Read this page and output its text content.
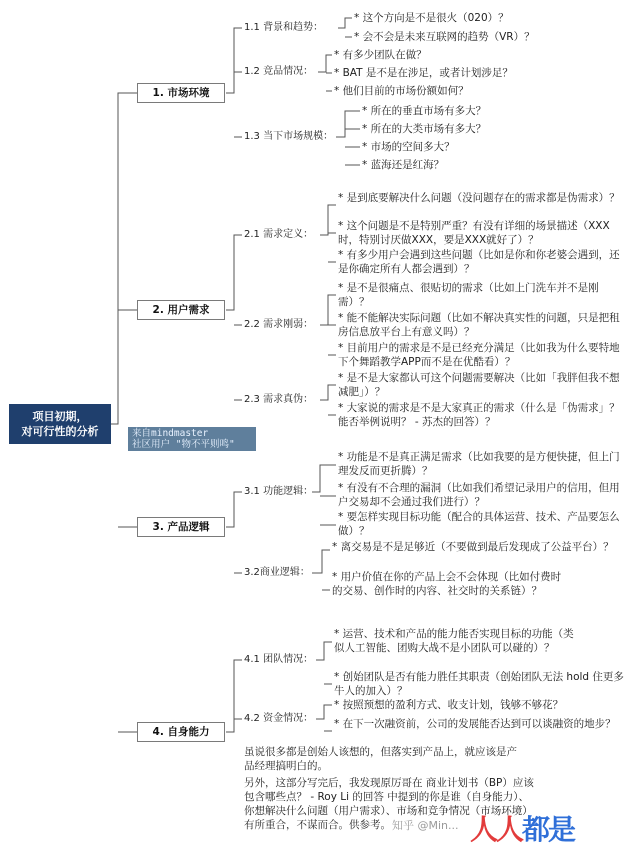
项目初期，
对可行性的分析
1. 市场环境
2. 用户需求
3. 产品逻辑
4. 自身能力
1.1 背景和趋势：
1.2 竞品情况：
1.3 当下市场规模：
2.1 需求定义：
2.2 需求刚弱：
2.3 需求真伪：
3.1 功能逻辑：
3.2商业逻辑：
4.1 团队情况：
4.2 资金情况：
* 这个方向是不是很火（020）？
* 会不会是未来互联网的趋势（VR）？
* 有多少团队在做？
* BAT 是不是在涉足，或者计划涉足？
* 他们目前的市场份额如何？
* 所在的垂直市场有多大？
* 所在的大类市场有多大？
* 市场的空间多大？
* 蓝海还是红海？
* 是到底要解决什么问题（没问题存在的需求都是伪需求）？
* 这个问题是不是特别严重？有没有详细的场景描述（XXX时，特别讨厌做XXX，要是XXX就好了）？
* 有多少用户会遇到这些问题（比如是你和你老婆会遇到，还是你确定所有人都会遇到）？
* 是不是很痛点、很贴切的需求（比如上门洗车并不是刚需）？
* 能不能解决实际问题（比如不解决真实性的问题，只是把租房信息放平台上有意义吗）？
* 目前用户的需求是不是已经充分满足（比如我为什么要特地下个舞蹈教学APP而不是在优酷看）？
* 是不是大家都认可这个问题需要解决（比如「我胖但我不想减肥」）？
* 大家说的需求是不是大家真正的需求（什么是「伪需求」？能否举例说明？ - 苏杰的回答）？
* 功能是不是真正满足需求（比如我要的是方便快捷，但上门理发反而更折腾）？
* 有没有不合理的漏洞（比如我们希望记录用户的信用，但用户交易却不会通过我们进行）？
* 要怎样实现目标功能（配合的具体运营、技术、产品要怎么做）？
* 离交易是不是足够近（不要做到最后发现成了公益平台）？
* 用户价值在你的产品上会不会体现（比如付费时的交易、创作时的内容、社交时的关系链）？
* 运营、技术和产品的能力能否实现目标的功能（类似人工智能、团购大战不是小团队可以碰的）？
* 创始团队是否有能力胜任其职责（创始团队无法 hold 住更多牛人的加入）？
* 按照预想的盈利方式、收支计划，钱够不够花？
* 在下一次融资前，公司的发展能否达到可以谈融资的地步？
虽说很多都是创始人该想的，但落实到产品上，就应该是产品经理搞明白的。
另外，这部分写完后，我发现原厉哥在 商业计划书（BP）应该包含哪些点？ - Roy Li 的回答 中提到的你是谁（自身能力）、你想解决什么问题（用户需求）、市场和竞争情况（市场环境）有所重合，不谋而合。供参考。
来自mindmaster
社区用户 "物不平则鸣"
知乎 @Min... 人人都是
